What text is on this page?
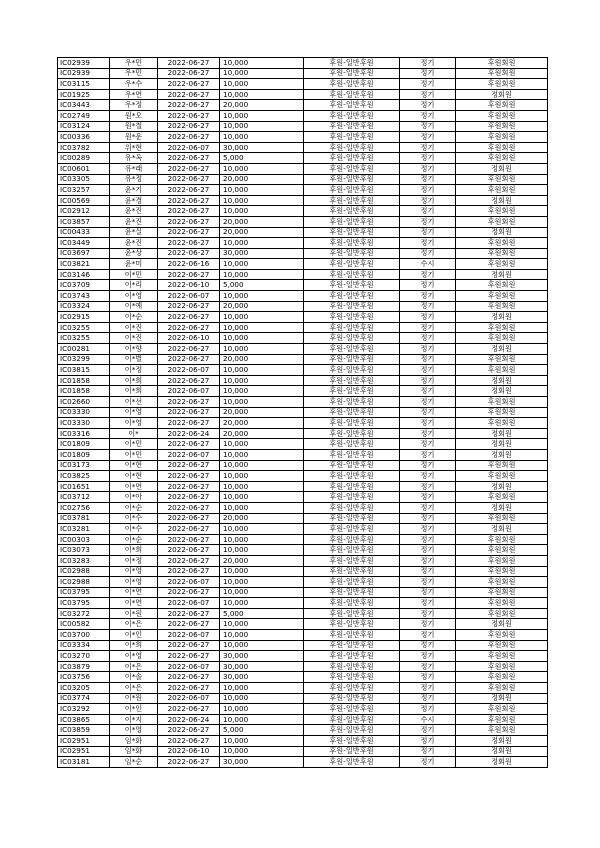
IC02939	우*민	2022-06-27	10,000	후원-일반후원	정기	후원회원
IC02939	우*민	2022-06-27	10,000	후원-일반후원	정기	후원회원
IC03115	우*수	2022-06-27	10,000	후원-일반후원	정기	후원회원
IC01925	우*연	2022-06-27	10,000	후원-일반후원	정기	정회원
IC03443	우*정	2022-06-27	20,000	후원-일반후원	정기	후원회원
IC02749	원*오	2022-06-27	10,000	후원-일반후원	정기	후원회원
IC03124	원*철	2022-06-27	10,000	후원-일반후원	정기	후원회원
IC00336	원*운	2022-06-27	10,000	후원-일반후원	정기	후원회원
IC03782	위*현	2022-06-07	30,000	후원-일반후원	정기	후원회원
IC00289	유*옥	2022-06-27	5,000	후원-일반후원	정기	후원회원
IC00601	유*래	2022-06-27	10,000	후원-일반후원	정기	정회원
IC03305	유*정	2022-06-27	20,000	후원-일반후원	정기	후원회원
IC03257	윤*기	2022-06-27	10,000	후원-일반후원	정기	후원회원
IC00569	윤*경	2022-06-27	10,000	후원-일반후원	정기	정회원
IC02912	윤*진	2022-06-27	10,000	후원-일반후원	정기	후원회원
IC03857	윤*진	2022-06-27	20,000	후원-일반후원	정기	후원회원
IC00433	윤*실	2022-06-27	20,000	후원-일반후원	정기	정회원
IC03449	윤*진	2022-06-27	10,000	후원-일반후원	정기	후원회원
IC03697	윤*상	2022-06-27	30,000	후원-일반후원	정기	후원회원
IC03821	윤*미	2022-06-16	10,000	후원-일반후원	수시	후원회원
IC03146	이*민	2022-06-27	10,000	후원-일반후원	정기	정회원
IC03709	이*리	2022-06-10	5,000	후원-일반후원	정기	후원회원
IC03743	이*영	2022-06-07	10,000	후원-일반후원	정기	후원회원
IC03324	이*예	2022-06-27	20,000	후원-일반후원	정기	후원회원
IC02915	이*순	2022-06-27	10,000	후원-일반후원	정기	정회원
IC03255	이*진	2022-06-27	10,000	후원-일반후원	정기	후원회원
IC03255	이*진	2022-06-10	10,000	후원-일반후원	정기	후원회원
IC00281	이*향	2022-06-27	10,000	후원-일반후원	정기	정회원
IC03299	이*별	2022-06-27	20,000	후원-일반후원	정기	후원회원
IC03815	이*정	2022-06-07	10,000	후원-일반후원	정기	후원회원
IC01858	이*희	2022-06-27	10,000	후원-일반후원	정기	정회원
IC01858	이*희	2022-06-07	10,000	후원-일반후원	정기	정회원
IC02660	이*선	2022-06-27	10,000	후원-일반후원	정기	후원회원
IC03330	이*영	2022-06-27	20,000	후원-일반후원	정기	후원회원
IC03330	이*영	2022-06-27	20,000	후원-일반후원	정기	후원회원
IC03316	이*	2022-06-24	20,000	후원-일반후원	정기	정회원
IC01809	이*민	2022-06-27	10,000	후원-일반후원	정기	정회원
IC01809	이*민	2022-06-07	10,000	후원-일반후원	정기	정회원
IC03173	이*현	2022-06-27	10,000	후원-일반후원	정기	후원회원
IC03825	이*현	2022-06-27	10,000	후원-일반후원	정기	후원회원
IC01651	이*연	2022-06-27	10,000	후원-일반후원	정기	정회원
IC03712	이*아	2022-06-27	10,000	후원-일반후원	정기	후원회원
IC02756	이*순	2022-06-27	10,000	후원-일반후원	정기	정회원
IC03781	이*수	2022-06-27	20,000	후원-일반후원	정기	후원회원
IC03281	이*수	2022-06-27	10,000	후원-일반후원	정기	정회원
IC00303	이*순	2022-06-27	10,000	후원-일반후원	정기	후원회원
IC03073	이*희	2022-06-27	10,000	후원-일반후원	정기	후원회원
IC03283	이*정	2022-06-27	20,000	후원-일반후원	정기	후원회원
IC02988	이*영	2022-06-27	10,000	후원-일반후원	정기	후원회원
IC02988	이*영	2022-06-07	10,000	후원-일반후원	정기	후원회원
IC03795	이*연	2022-06-27	10,000	후원-일반후원	정기	후원회원
IC03795	이*연	2022-06-07	10,000	후원-일반후원	정기	후원회원
IC03272	이*원	2022-06-27	5,000	후원-일반후원	정기	후원회원
IC00582	이*은	2022-06-27	10,000	후원-일반후원	정기	정회원
IC03700	이*인	2022-06-07	10,000	후원-일반후원	정기	후원회원
IC03334	이*희	2022-06-27	10,000	후원-일반후원	정기	후원회원
IC03270	이*영	2022-06-27	30,000	후원-일반후원	정기	후원회원
IC03879	이*은	2022-06-07	30,000	후원-일반후원	정기	후원회원
IC03756	이*솔	2022-06-27	30,000	후원-일반후원	정기	후원회원
IC03205	이*은	2022-06-27	10,000	후원-일반후원	정기	후원회원
IC03774	이*원	2022-06-07	10,000	후원-일반후원	정기	정회원
IC03292	이*인	2022-06-27	10,000	후원-일반후원	정기	후원회원
IC03865	이*지	2022-06-24	10,000	후원-일반후원	수시	후원회원
IC03859	이*영	2022-06-27	5,000	후원-일반후원	정기	후원회원
IC02951	임*화	2022-06-27	10,000	후원-일반후원	정기	정회원
IC02951	임*화	2022-06-10	10,000	후원-일반후원	정기	정회원
IC03181	임*순	2022-06-27	30,000	후원-일반후원	정기	정회원
